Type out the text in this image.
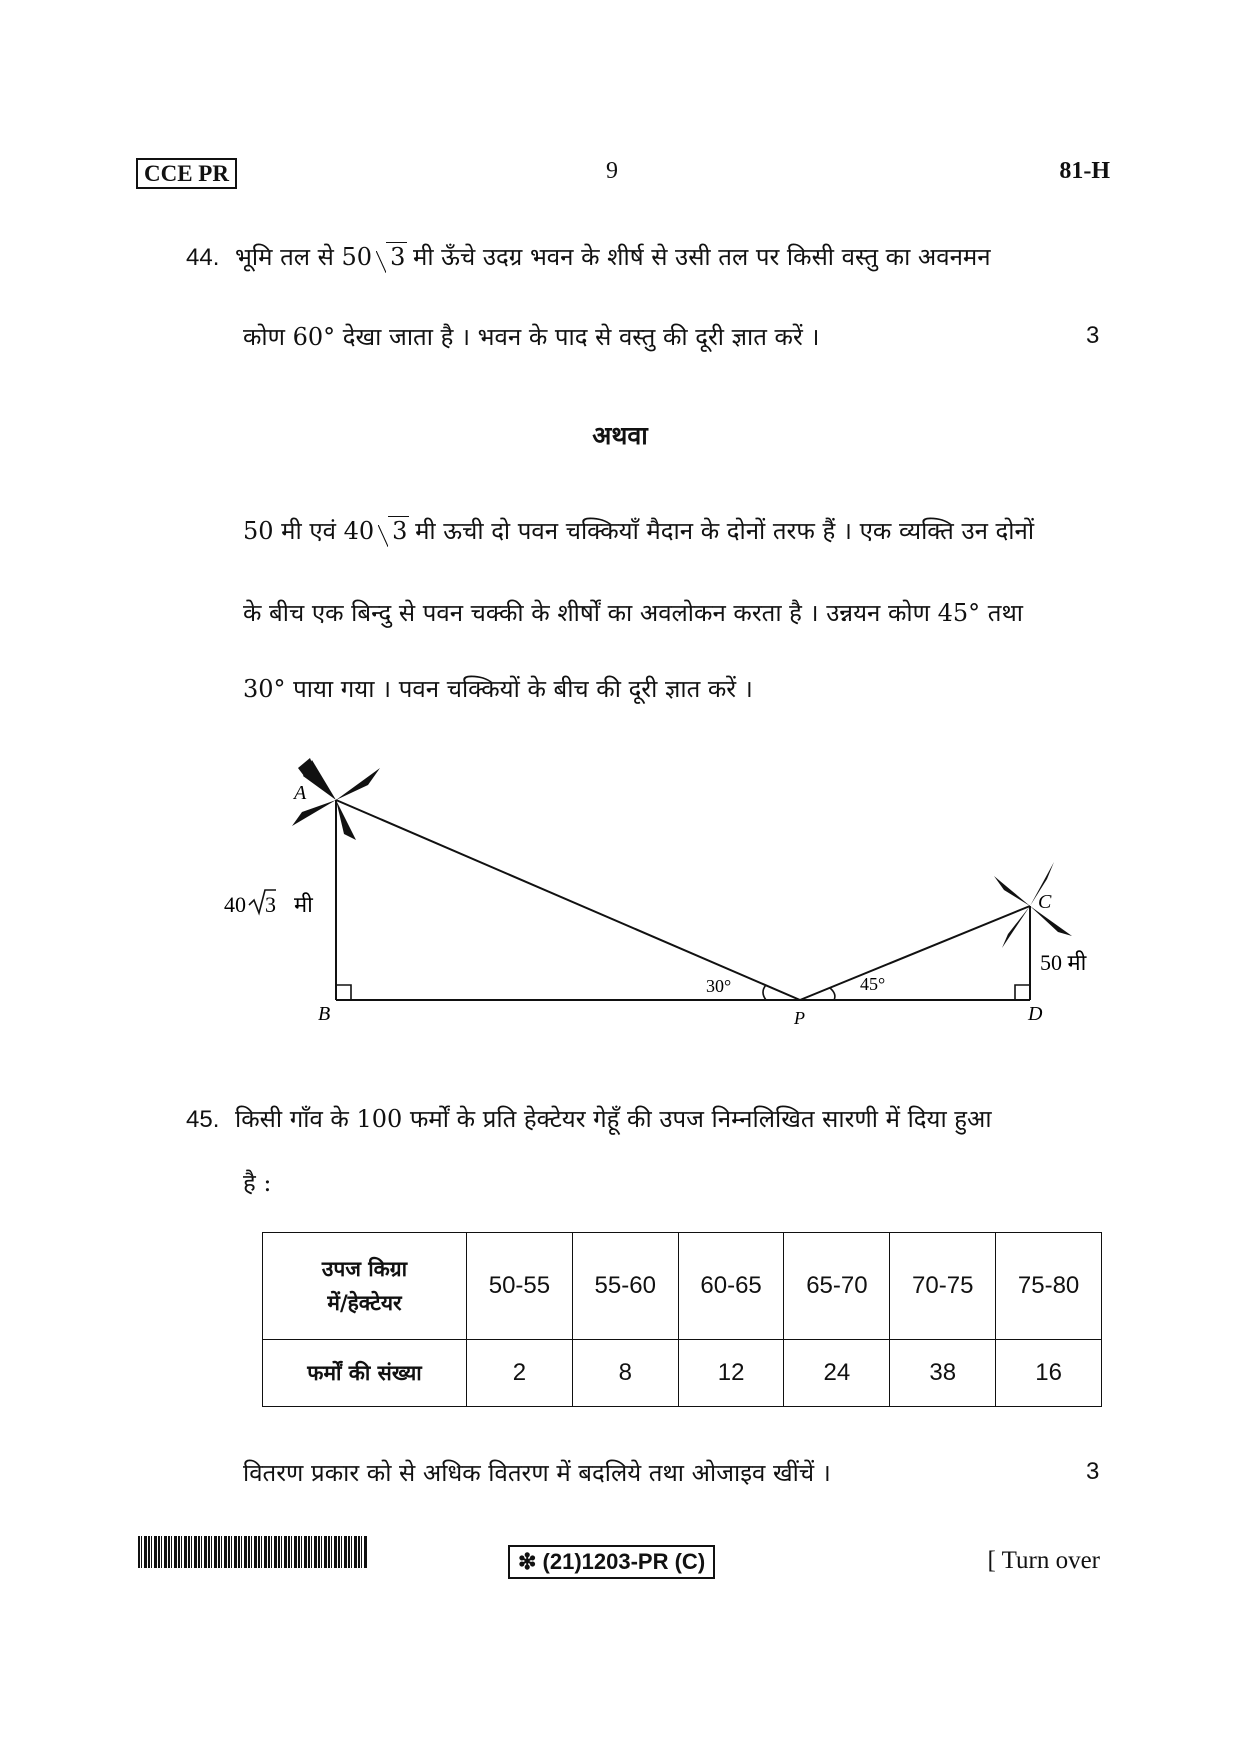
CCE PR	9	81-H
44. भूमि तल से 50 3 मी ऊँचे उदग्र भवन के शीर्ष से उसी तल पर किसी वस्तु का अवनमन
कोण 60° देखा जाता है । भवन के पाद से वस्तु की दूरी ज्ञात करें ।	3
अथवा
50 मी एवं 40 3 मी ऊची दो पवन चक्कियाँ मैदान के दोनों तरफ हैं । एक व्यक्ति उन दोनों
के बीच एक बिन्दु से पवन चक्की के शीर्षों का अवलोकन करता है । उन्नयन कोण 45° तथा
30° पाया गया । पवन चक्कियों के बीच की दूरी ज्ञात करें ।
A
B
C
D
P
40 3 मी
50 मी
30°	45°
45. किसी गाँव के 100 फर्मों के प्रति हेक्टेयर गेहूँ की उपज निम्नलिखित सारणी में दिया हुआ
है :
उपज किग्रा
में/हेक्टेयर	50-55	55-60	60-65	65-70	70-75	75-80
फर्मों की संख्या	2	8	12	24	38	16
वितरण प्रकार को से अधिक वितरण में बदलिये तथा ओजाइव खींचें ।	3
❇ (21)1203-PR (C)	[ Turn over
